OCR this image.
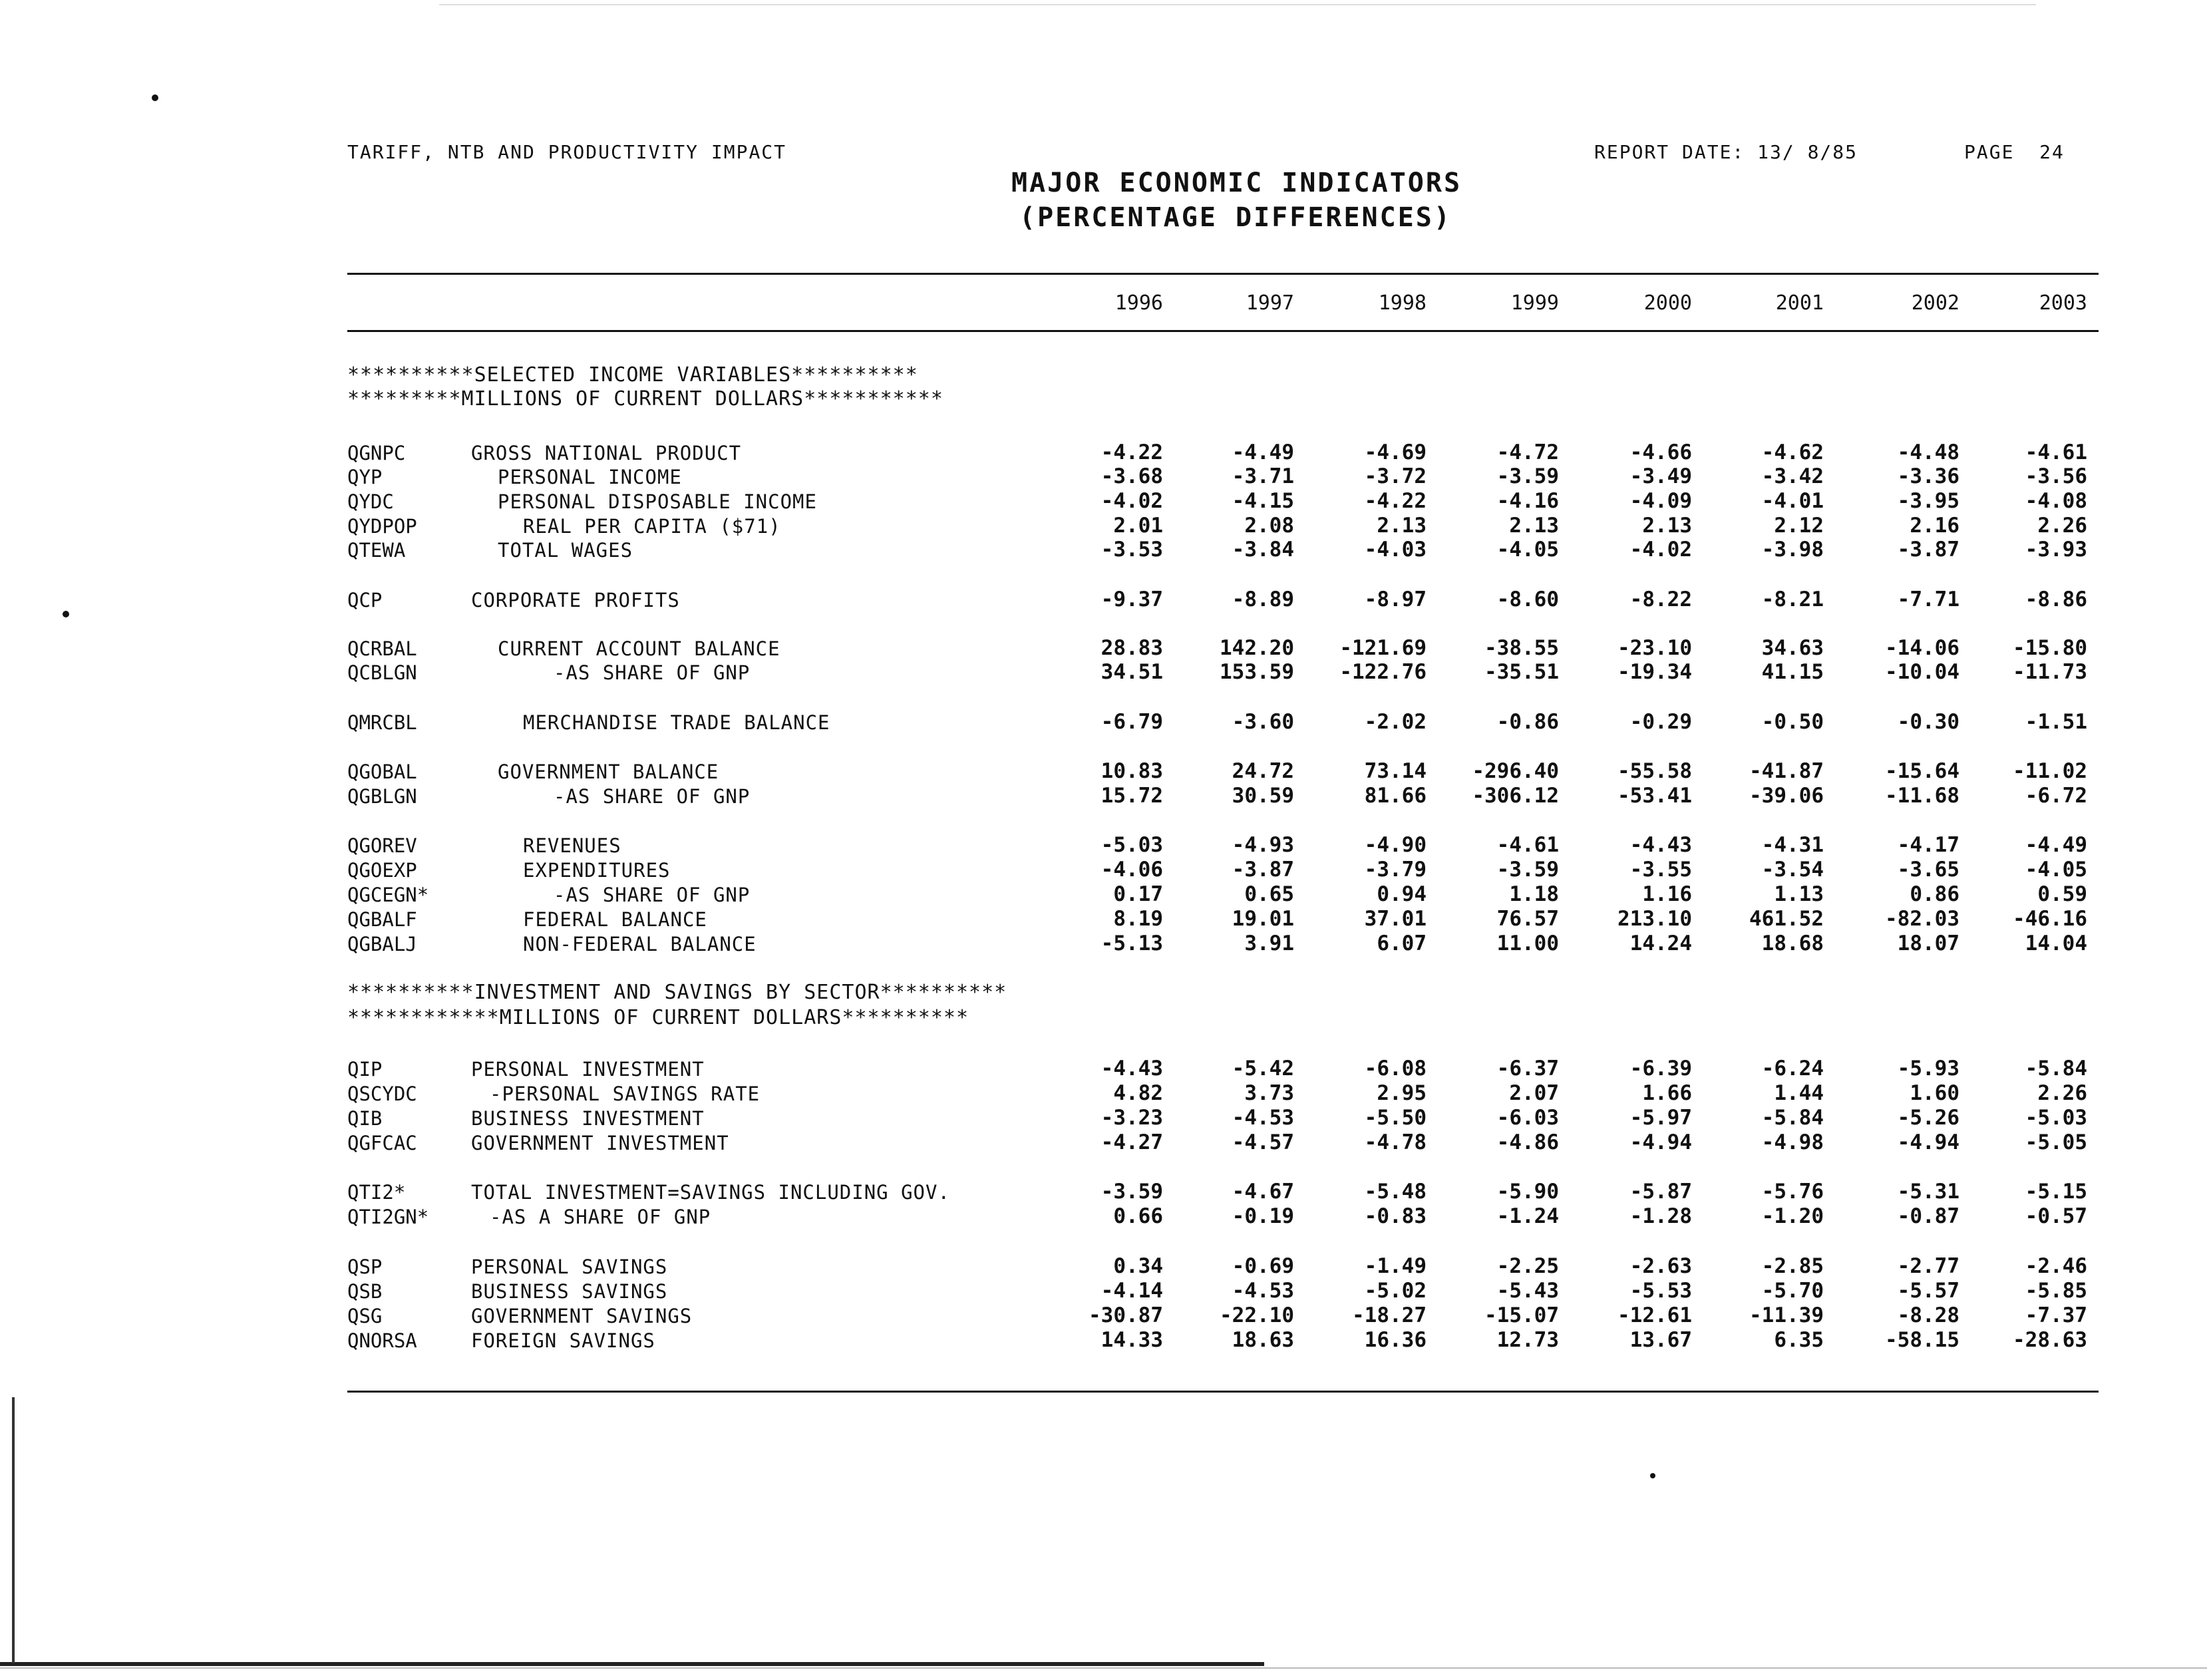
TARIFF, NTB AND PRODUCTIVITY IMPACT	REPORT DATE: 13/ 8/85	PAGE  24
MAJOR ECONOMIC INDICATORS
(PERCENTAGE DIFFERENCES)
1996	1997	1998	1999	2000	2001	2002	2003
**********SELECTED INCOME VARIABLES**********
*********MILLIONS OF CURRENT DOLLARS***********
**********INVESTMENT AND SAVINGS BY SECTOR**********
************MILLIONS OF CURRENT DOLLARS**********
QGNPC	GROSS NATIONAL PRODUCT	-4.22	-4.49	-4.69	-4.72	-4.66	-4.62	-4.48	-4.61
QYP	PERSONAL INCOME	-3.68	-3.71	-3.72	-3.59	-3.49	-3.42	-3.36	-3.56
QYDC	PERSONAL DISPOSABLE INCOME	-4.02	-4.15	-4.22	-4.16	-4.09	-4.01	-3.95	-4.08
QYDPOP	REAL PER CAPITA ($71)	2.01	2.08	2.13	2.13	2.13	2.12	2.16	2.26
QTEWA	TOTAL WAGES	-3.53	-3.84	-4.03	-4.05	-4.02	-3.98	-3.87	-3.93
QCP	CORPORATE PROFITS	-9.37	-8.89	-8.97	-8.60	-8.22	-8.21	-7.71	-8.86
QCRBAL	CURRENT ACCOUNT BALANCE	28.83	142.20	-121.69	-38.55	-23.10	34.63	-14.06	-15.80
QCBLGN	-AS SHARE OF GNP	34.51	153.59	-122.76	-35.51	-19.34	41.15	-10.04	-11.73
QMRCBL	MERCHANDISE TRADE BALANCE	-6.79	-3.60	-2.02	-0.86	-0.29	-0.50	-0.30	-1.51
QGOBAL	GOVERNMENT BALANCE	10.83	24.72	73.14	-296.40	-55.58	-41.87	-15.64	-11.02
QGBLGN	-AS SHARE OF GNP	15.72	30.59	81.66	-306.12	-53.41	-39.06	-11.68	-6.72
QGOREV	REVENUES	-5.03	-4.93	-4.90	-4.61	-4.43	-4.31	-4.17	-4.49
QGOEXP	EXPENDITURES	-4.06	-3.87	-3.79	-3.59	-3.55	-3.54	-3.65	-4.05
QGCEGN*	-AS SHARE OF GNP	0.17	0.65	0.94	1.18	1.16	1.13	0.86	0.59
QGBALF	FEDERAL BALANCE	8.19	19.01	37.01	76.57	213.10	461.52	-82.03	-46.16
QGBALJ	NON-FEDERAL BALANCE	-5.13	3.91	6.07	11.00	14.24	18.68	18.07	14.04
QIP	PERSONAL INVESTMENT	-4.43	-5.42	-6.08	-6.37	-6.39	-6.24	-5.93	-5.84
QSCYDC	-PERSONAL SAVINGS RATE	4.82	3.73	2.95	2.07	1.66	1.44	1.60	2.26
QIB	BUSINESS INVESTMENT	-3.23	-4.53	-5.50	-6.03	-5.97	-5.84	-5.26	-5.03
QGFCAC	GOVERNMENT INVESTMENT	-4.27	-4.57	-4.78	-4.86	-4.94	-4.98	-4.94	-5.05
QTI2*	TOTAL INVESTMENT=SAVINGS INCLUDING GOV.	-3.59	-4.67	-5.48	-5.90	-5.87	-5.76	-5.31	-5.15
QTI2GN*	-AS A SHARE OF GNP	0.66	-0.19	-0.83	-1.24	-1.28	-1.20	-0.87	-0.57
QSP	PERSONAL SAVINGS	0.34	-0.69	-1.49	-2.25	-2.63	-2.85	-2.77	-2.46
QSB	BUSINESS SAVINGS	-4.14	-4.53	-5.02	-5.43	-5.53	-5.70	-5.57	-5.85
QSG	GOVERNMENT SAVINGS	-30.87	-22.10	-18.27	-15.07	-12.61	-11.39	-8.28	-7.37
QNORSA	FOREIGN SAVINGS	14.33	18.63	16.36	12.73	13.67	6.35	-58.15	-28.63
